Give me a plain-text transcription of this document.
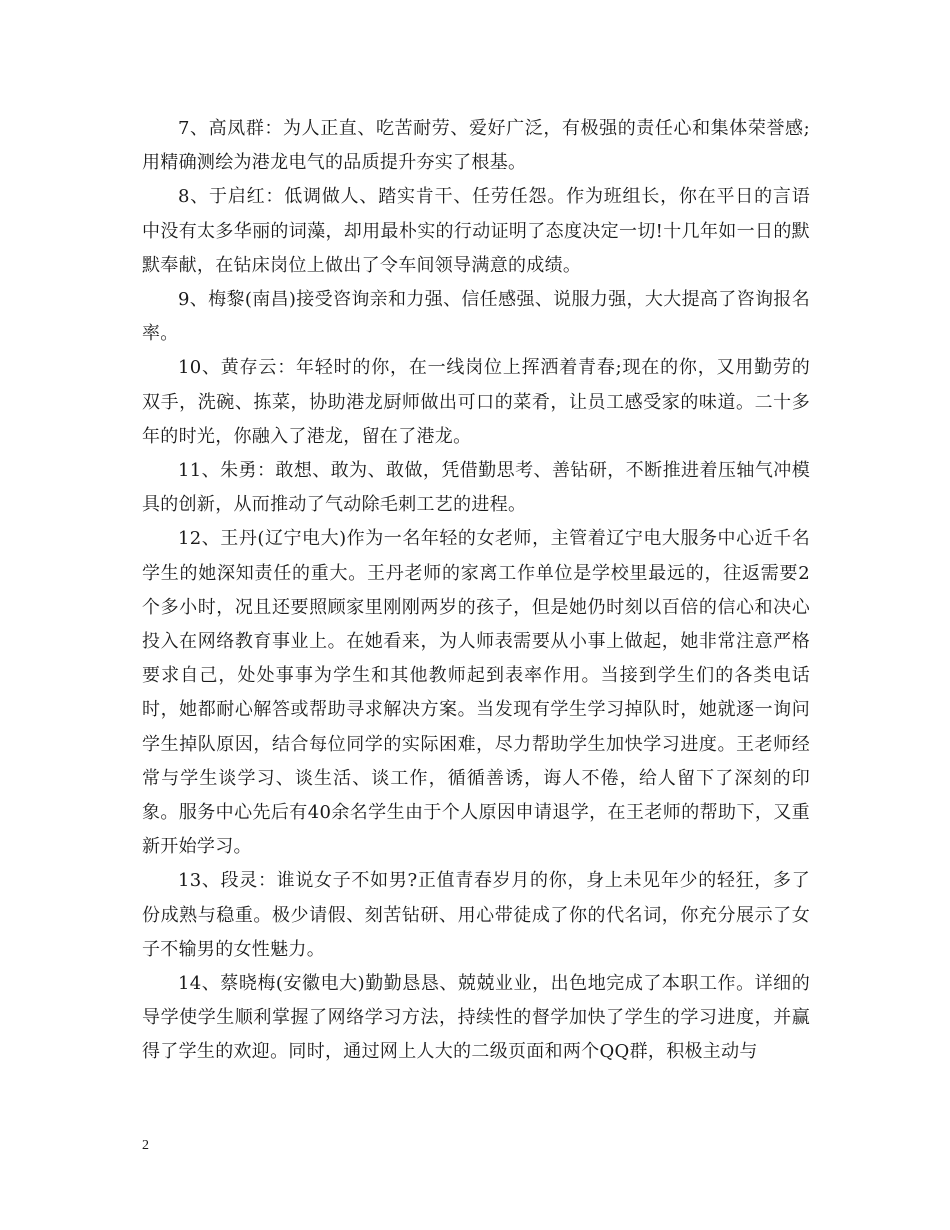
7、高凤群：为人正直、吃苦耐劳、爱好广泛，有极强的责任心和集体荣誉感;用精确测绘为港龙电气的品质提升夯实了根基。

8、于启红：低调做人、踏实肯干、任劳任怨。作为班组长，你在平日的言语中没有太多华丽的词藻，却用最朴实的行动证明了态度决定一切!十几年如一日的默默奉献，在钻床岗位上做出了令车间领导满意的成绩。

9、梅黎(南昌)接受咨询亲和力强、信任感强、说服力强，大大提高了咨询报名率。

10、黄存云：年轻时的你，在一线岗位上挥洒着青春;现在的你，又用勤劳的双手，洗碗、拣菜，协助港龙厨师做出可口的菜肴，让员工感受家的味道。二十多年的时光，你融入了港龙，留在了港龙。

11、朱勇：敢想、敢为、敢做，凭借勤思考、善钻研，不断推进着压轴气冲模具的创新，从而推动了气动除毛刺工艺的进程。

12、王丹(辽宁电大)作为一名年轻的女老师，主管着辽宁电大服务中心近千名学生的她深知责任的重大。王丹老师的家离工作单位是学校里最远的，往返需要2个多小时，况且还要照顾家里刚刚两岁的孩子，但是她仍时刻以百倍的信心和决心投入在网络教育事业上。在她看来，为人师表需要从小事上做起，她非常注意严格要求自己，处处事事为学生和其他教师起到表率作用。当接到学生们的各类电话时，她都耐心解答或帮助寻求解决方案。当发现有学生学习掉队时，她就逐一询问学生掉队原因，结合每位同学的实际困难，尽力帮助学生加快学习进度。王老师经常与学生谈学习、谈生活、谈工作，循循善诱，诲人不倦，给人留下了深刻的印象。服务中心先后有40余名学生由于个人原因申请退学，在王老师的帮助下，又重新开始学习。

13、段灵：谁说女子不如男?正值青春岁月的你，身上未见年少的轻狂，多了份成熟与稳重。极少请假、刻苦钻研、用心带徒成了你的代名词，你充分展示了女子不输男的女性魅力。

14、蔡晓梅(安徽电大)勤勤恳恳、兢兢业业，出色地完成了本职工作。详细的导学使学生顺利掌握了网络学习方法，持续性的督学加快了学生的学习进度，并赢得了学生的欢迎。同时，通过网上人大的二级页面和两个QQ群，积极主动与

2
